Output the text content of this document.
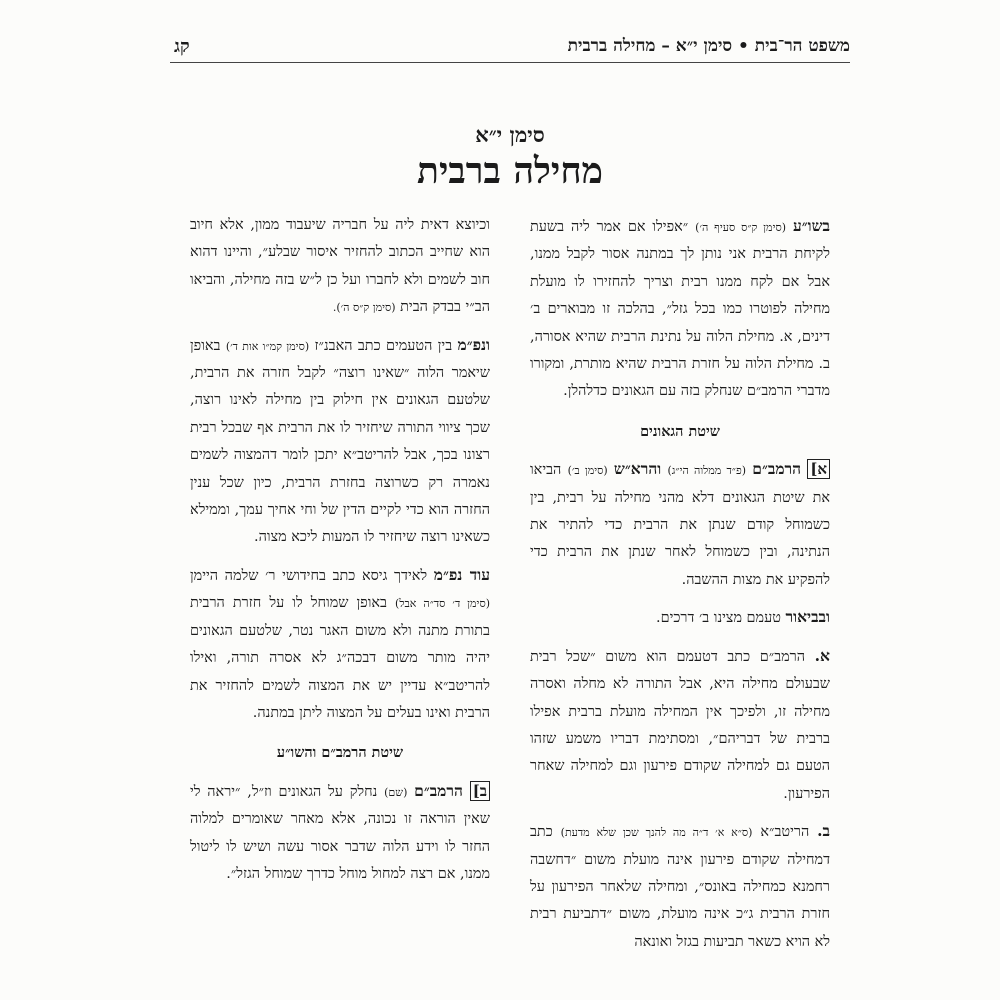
משפט הר־בית • סימן י״א – מחילה ברבית
קג
סימן י״א
מחילה ברבית

בשו״ע (סימן ק״ס סעיף ה׳) ״אפילו אם אמר ליה בשעת לקיחת הרבית אני נותן לך במתנה אסור לקבל ממנו, אבל אם לקח ממנו רבית וצריך להחזירו לו מועלת מחילה לפוטרו כמו בכל גזל״, בהלכה זו מבוארים ב׳ דינים, א. מחילת הלוה על נתינת הרבית שהיא אסורה, ב. מחילת הלוה על חזרת הרבית שהיא מותרת, ומקורו מדברי הרמב״ם שנחלק בזה עם הגאונים כדלהלן.

שיטת הגאונים

א] הרמב״ם (פ״ד ממלוה הי״ג) והרא״ש (סימן ב׳) הביאו את שיטת הגאונים דלא מהני מחילה על רבית, בין כשמוחל קודם שנתן את הרבית כדי להתיר את הנתינה, ובין כשמוחל לאחר שנתן את הרבית כדי להפקיע את מצות ההשבה.

ובביאור טעמם מצינו ב׳ דרכים.

א. הרמב״ם כתב דטעמם הוא משום ״שכל רבית שבעולם מחילה היא, אבל התורה לא מחלה ואסרה מחילה זו, ולפיכך אין המחילה מועלת ברבית אפילו ברבית של דבריהם״, ומסתימת דבריו משמע שזהו הטעם גם למחילה שקודם פירעון וגם למחילה שאחר הפירעון.

ב. הריטב״א (ס״א א׳ ד״ה מה להנך שכן שלא מדעת) כתב דמחילה שקודם פירעון אינה מועלת משום ״דחשבה רחמנא כמחילה באונס״, ומחילה שלאחר הפירעון על חזרת הרבית ג״כ אינה מועלת, משום ״דתביעת רבית לא הויא כשאר תביעות בגזל ואונאה

וכיוצא דאית ליה על חבריה שיעבוד ממון, אלא חיוב הוא שחייב הכתוב להחזיר איסור שבלע״, והיינו דהוא חוב לשמים ולא לחברו ועל כן ל״ש בזה מחילה, והביאו הב״י בבדק הבית (סימן ק״ס ה׳).

ונפ״מ בין הטעמים כתב האבנ״ז (סימן קמ״ו אות ד׳) באופן שיאמר הלוה ״שאינו רוצה״ לקבל חזרה את הרבית, שלטעם הגאונים אין חילוק בין מחילה לאינו רוצה, שכך ציווי התורה שיחזיר לו את הרבית אף שבכל רבית רצונו בכך, אבל להריטב״א יתכן לומר דהמצוה לשמים נאמרה רק כשרוצה בחזרת הרבית, כיון שכל ענין החזרה הוא כדי לקיים הדין של וחי אחיך עמך, וממילא כשאינו רוצה שיחזיר לו המעות ליכא מצוה.

עוד נפ״מ לאידך גיסא כתב בחידושי ר׳ שלמה היימן (סימן ד׳ סד״ה אבל) באופן שמוחל לו על חזרת הרבית בתורת מתנה ולא משום האגר נטר, שלטעם הגאונים יהיה מותר משום דבכה״ג לא אסרה תורה, ואילו להריטב״א עדיין יש את המצוה לשמים להחזיר את הרבית ואינו בעלים על המצוה ליתן במתנה.

שיטת הרמב״ם והשו״ע

ב] הרמב״ם (שם) נחלק על הגאונים וז״ל, ״יראה לי שאין הוראה זו נכונה, אלא מאחר שאומרים למלוה החזר לו וידע הלוה שדבר אסור עשה ושיש לו ליטול ממנו, אם רצה למחול מוחל כדרך שמוחל הגזל״.
